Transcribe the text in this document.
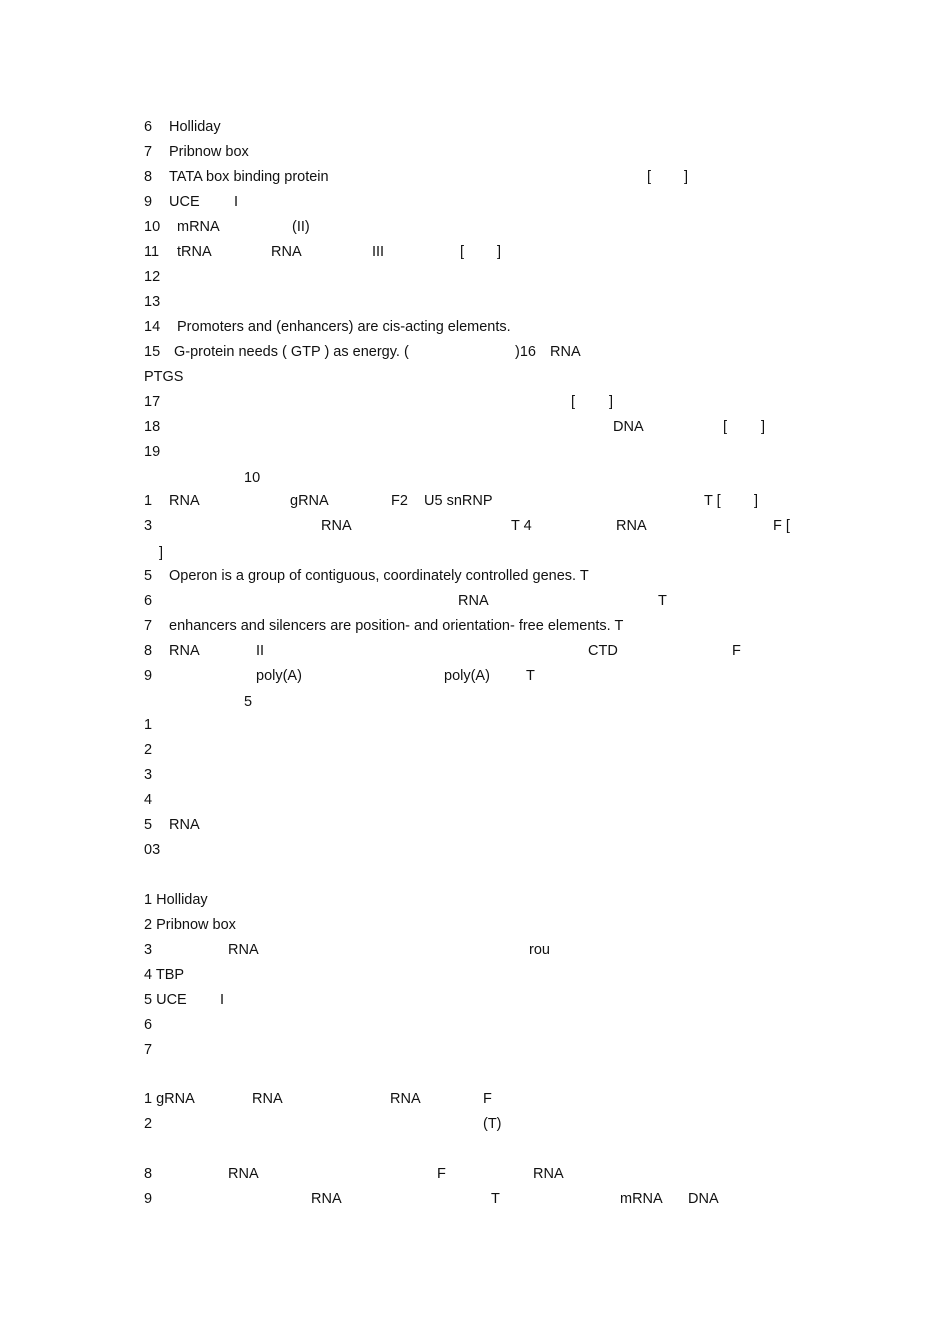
6 Holliday
7 Pribnow box
8 TATA box binding protein	[ ]
9 UCE I
10 mRNA	(II)
11 tRNA	RNA	III	[ ]
12
13
14 Promoters and (enhancers) are cis-acting elements.
15 G-protein needs ( GTP ) as energy. (	)16 RNA
PTGS
17	[ ]
18	DNA	[ ]
19
10
1 RNA	gRNA	F2 U5 snRNP	T [ ]
3	RNA	T 4	RNA	F [
]
5 Operon is a group of contiguous, coordinately controlled genes. T
6	RNA	T
7 enhancers and silencers are position- and orientation- free elements. T
8 RNA	II	CTD	F
9	poly(A)	poly(A) T
5
1
2
3
4
5 RNA
03
1 Holliday
2 Pribnow box
3	RNA	rou
4 TBP
5 UCE I
6
7
1 gRNA	RNA	RNA	F
2	(T)
8	RNA	F	RNA
9	RNA	T	mRNA DNA
